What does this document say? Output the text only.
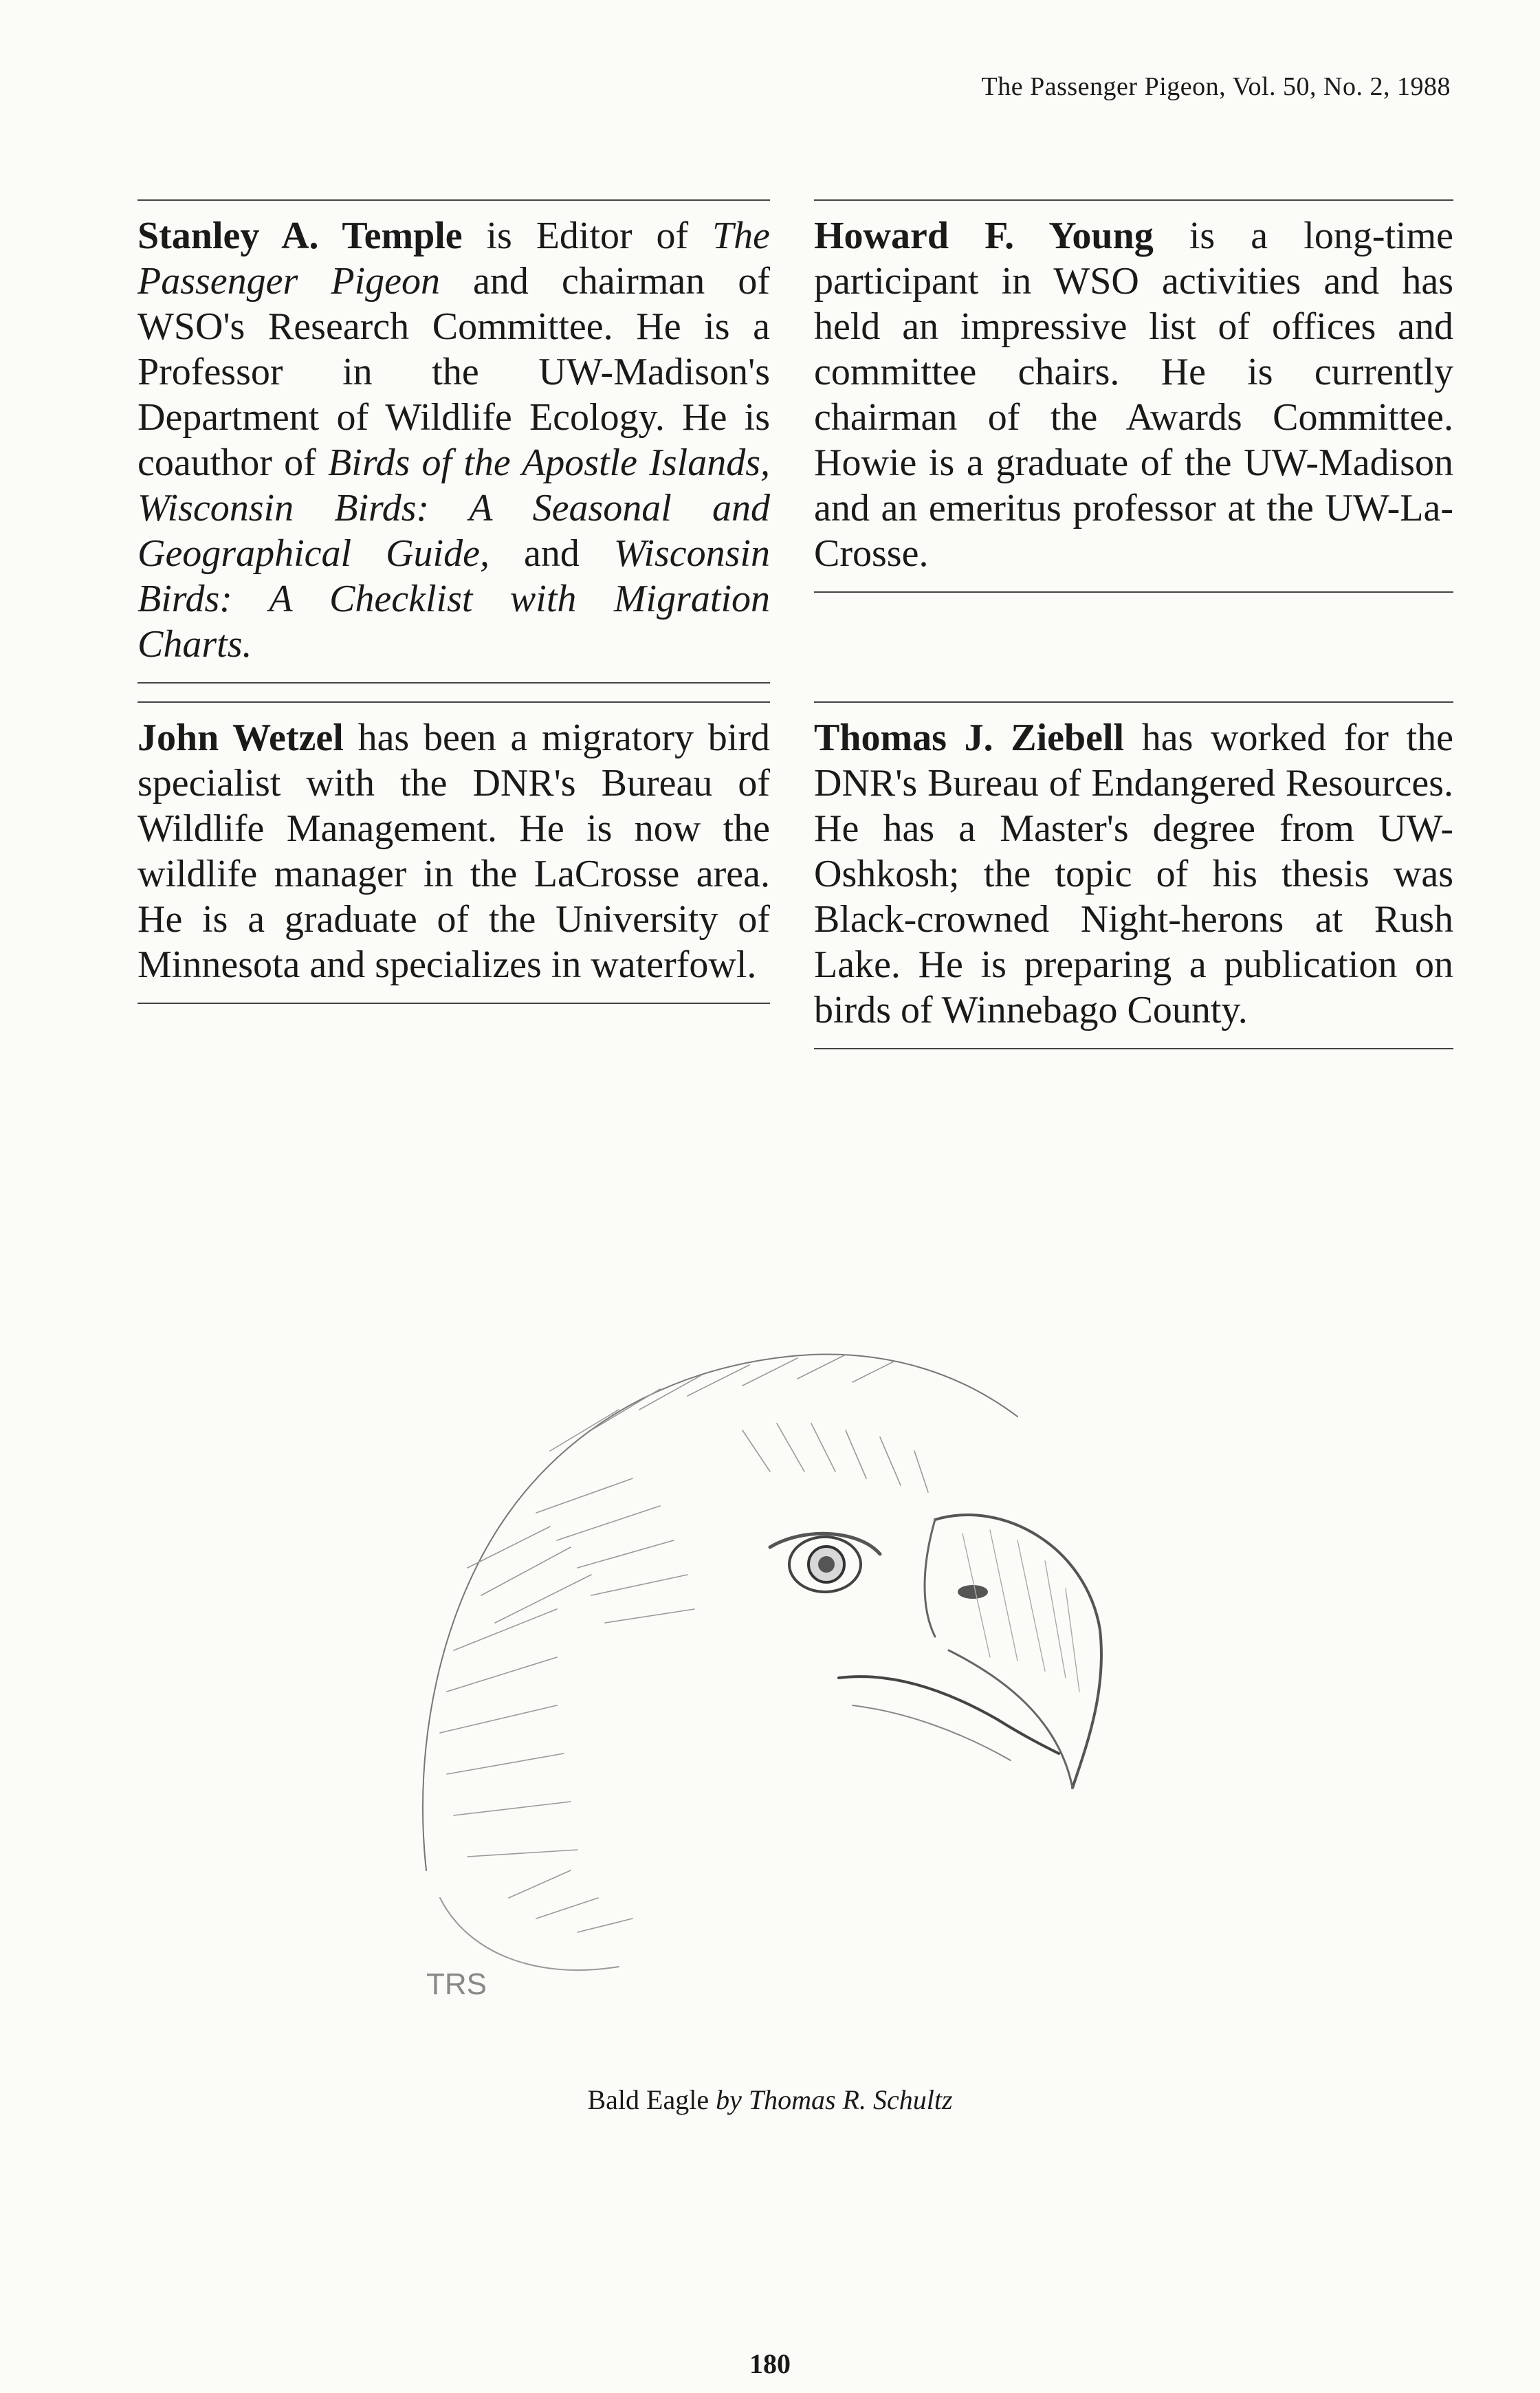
The Passenger Pigeon, Vol. 50, No. 2, 1988

Stanley A. Temple is Editor of The Passenger Pigeon and chairman of WSO's Research Committee. He is a Professor in the UW-Madison's Department of Wildlife Ecology. He is coauthor of Birds of the Apostle Islands, Wisconsin Birds: A Seasonal and Geographical Guide, and Wisconsin Birds: A Checklist with Migration Charts.

Howard F. Young is a long-time participant in WSO activities and has held an impressive list of offices and committee chairs. He is currently chairman of the Awards Committee. Howie is a graduate of the UW-Madison and an emeritus professor at the UW-La-Crosse.

John Wetzel has been a migratory bird specialist with the DNR's Bureau of Wildlife Management. He is now the wildlife manager in the LaCrosse area. He is a graduate of the University of Minnesota and specializes in waterfowl.

Thomas J. Ziebell has worked for the DNR's Bureau of Endangered Resources. He has a Master's degree from UW-Oshkosh; the topic of his thesis was Black-crowned Night-herons at Rush Lake. He is preparing a publication on birds of Winnebago County.

TRS
Bald Eagle by Thomas R. Schultz
180
